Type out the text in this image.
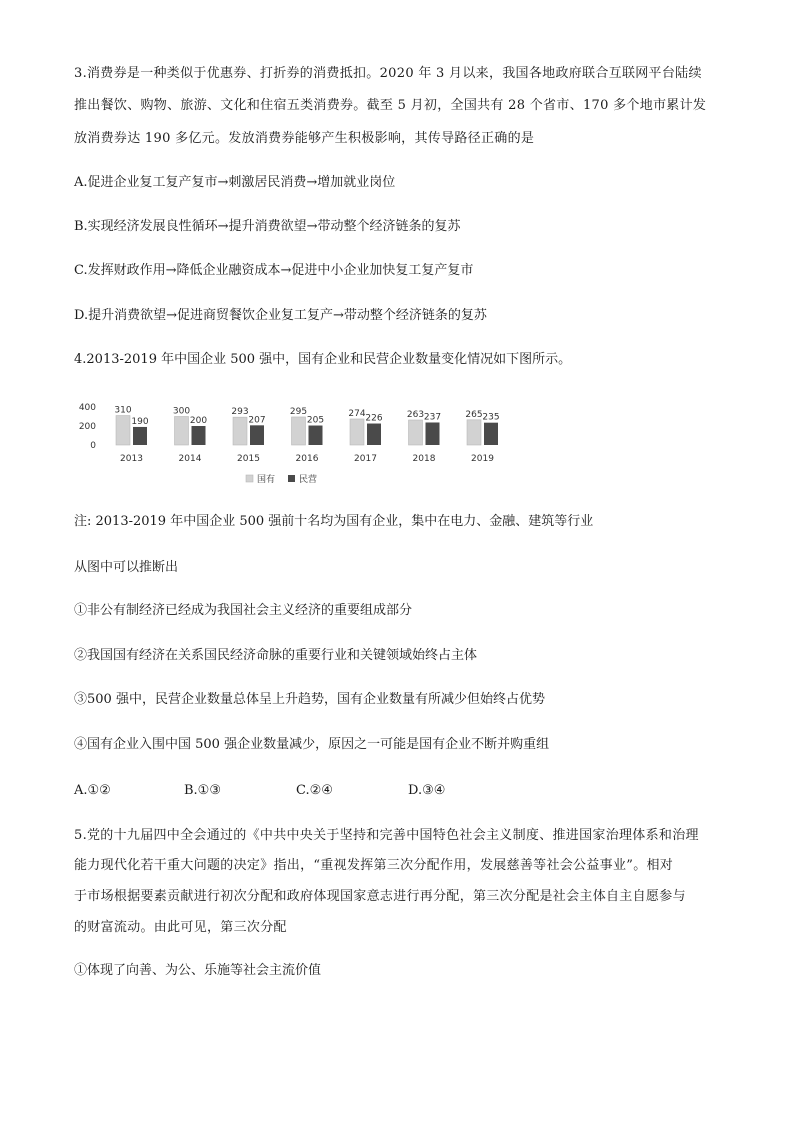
3.消费券是一种类似于优惠券、打折券的消费抵扣。2020 年 3 月以来，我国各地政府联合互联网平台陆续
推出餐饮、购物、旅游、文化和住宿五类消费券。截至 5 月初，全国共有 28 个省市、170 多个地市累计发
放消费券达 190 多亿元。发放消费券能够产生积极影响，其传导路径正确的是
A.促进企业复工复产复市→刺激居民消费→增加就业岗位
B.实现经济发展良性循环→提升消费欲望→带动整个经济链条的复苏
C.发挥财政作用→降低企业融资成本→促进中小企业加快复工复产复市
D.提升消费欲望→促进商贸餐饮企业复工复产→带动整个经济链条的复苏
4.2013-2019 年中国企业 500 强中，国有企业和民营企业数量变化情况如下图所示。
400
200
0
310
190
2013
300
200
2014
293
207
2015
295
205
2016
274 226
2017
263 237
2018
265 235
2019
国有	民营
注: 2013-2019 年中国企业 500 强前十名均为国有企业，集中在电力、金融、建筑等行业
从图中可以推断出
①非公有制经济已经成为我国社会主义经济的重要组成部分
②我国国有经济在关系国民经济命脉的重要行业和关键领域始终占主体
③500 强中，民营企业数量总体呈上升趋势，国有企业数量有所减少但始终占优势
④国有企业入围中国 500 强企业数量减少，原因之一可能是国有企业不断并购重组
A.①②	B.①③	C.②④	D.③④
5.党的十九届四中全会通过的《中共中央关于坚持和完善中国特色社会主义制度、推进国家治理体系和治理
能力现代化若干重大问题的决定》指出，“重视发挥第三次分配作用，发展慈善等社会公益事业”。相对
于市场根据要素贡献进行初次分配和政府体现国家意志进行再分配，第三次分配是社会主体自主自愿参与
的财富流动。由此可见，第三次分配
①体现了向善、为公、乐施等社会主流价值
